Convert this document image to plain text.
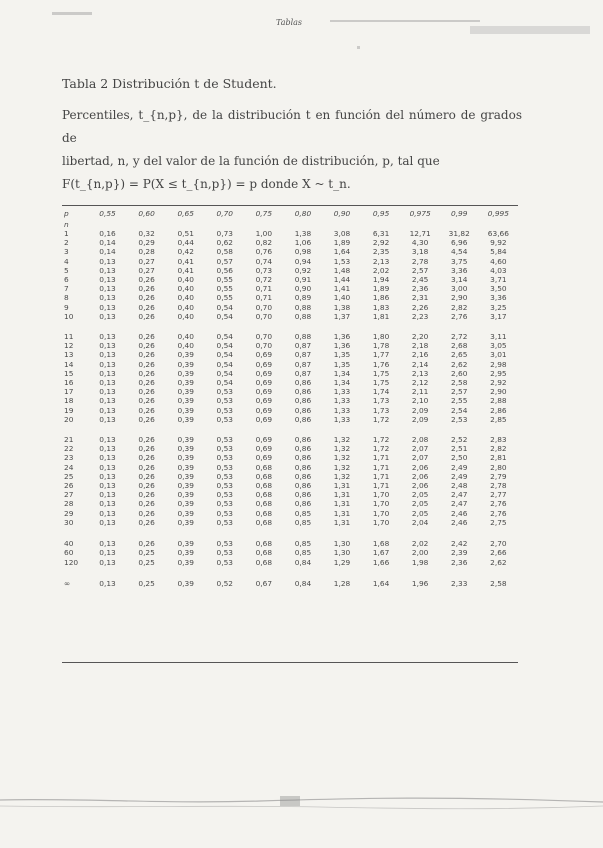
Tablas
Tabla 2 Distribución t de Student.

Percentiles, t_{n,p}, de la distribución t en función del número de grados de

libertad, n, y del valor de la función de distribución, p, tal que

F(t_{n,p}) = P(X ≤ t_{n,p}) = p donde X ~ t_n.

p	0,55	0,60	0,65	0,70	0,75	0,80	0,90	0,95	0,975	0,99	0,995
n											
1	0,16	0,32	0,51	0,73	1,00	1,38	3,08	6,31	12,71	31,82	63,66
2	0,14	0,29	0,44	0,62	0,82	1,06	1,89	2,92	4,30	6,96	9,92
3	0,14	0,28	0,42	0,58	0,76	0,98	1,64	2,35	3,18	4,54	5,84
4	0,13	0,27	0,41	0,57	0,74	0,94	1,53	2,13	2,78	3,75	4,60
5	0,13	0,27	0,41	0,56	0,73	0,92	1,48	2,02	2,57	3,36	4,03
6	0,13	0,26	0,40	0,55	0,72	0,91	1,44	1,94	2,45	3,14	3,71
7	0,13	0,26	0,40	0,55	0,71	0,90	1,41	1,89	2,36	3,00	3,50
8	0,13	0,26	0,40	0,55	0,71	0,89	1,40	1,86	2,31	2,90	3,36
9	0,13	0,26	0,40	0,54	0,70	0,88	1,38	1,83	2,26	2,82	3,25
10	0,13	0,26	0,40	0,54	0,70	0,88	1,37	1,81	2,23	2,76	3,17

11	0,13	0,26	0,40	0,54	0,70	0,88	1,36	1,80	2,20	2,72	3,11
12	0,13	0,26	0,40	0,54	0,70	0,87	1,36	1,78	2,18	2,68	3,05
13	0,13	0,26	0,39	0,54	0,69	0,87	1,35	1,77	2,16	2,65	3,01
14	0,13	0,26	0,39	0,54	0,69	0,87	1,35	1,76	2,14	2,62	2,98
15	0,13	0,26	0,39	0,54	0,69	0,87	1,34	1,75	2,13	2,60	2,95
16	0,13	0,26	0,39	0,54	0,69	0,86	1,34	1,75	2,12	2,58	2,92
17	0,13	0,26	0,39	0,53	0,69	0,86	1,33	1,74	2,11	2,57	2,90
18	0,13	0,26	0,39	0,53	0,69	0,86	1,33	1,73	2,10	2,55	2,88
19	0,13	0,26	0,39	0,53	0,69	0,86	1,33	1,73	2,09	2,54	2,86
20	0,13	0,26	0,39	0,53	0,69	0,86	1,33	1,72	2,09	2,53	2,85

21	0,13	0,26	0,39	0,53	0,69	0,86	1,32	1,72	2,08	2,52	2,83
22	0,13	0,26	0,39	0,53	0,69	0,86	1,32	1,72	2,07	2,51	2,82
23	0,13	0,26	0,39	0,53	0,69	0,86	1,32	1,71	2,07	2,50	2,81
24	0,13	0,26	0,39	0,53	0,68	0,86	1,32	1,71	2,06	2,49	2,80
25	0,13	0,26	0,39	0,53	0,68	0,86	1,32	1,71	2,06	2,49	2,79
26	0,13	0,26	0,39	0,53	0,68	0,86	1,31	1,71	2,06	2,48	2,78
27	0,13	0,26	0,39	0,53	0,68	0,86	1,31	1,70	2,05	2,47	2,77
28	0,13	0,26	0,39	0,53	0,68	0,86	1,31	1,70	2,05	2,47	2,76
29	0,13	0,26	0,39	0,53	0,68	0,85	1,31	1,70	2,05	2,46	2,76
30	0,13	0,26	0,39	0,53	0,68	0,85	1,31	1,70	2,04	2,46	2,75

40	0,13	0,26	0,39	0,53	0,68	0,85	1,30	1,68	2,02	2,42	2,70
60	0,13	0,25	0,39	0,53	0,68	0,85	1,30	1,67	2,00	2,39	2,66
120	0,13	0,25	0,39	0,53	0,68	0,84	1,29	1,66	1,98	2,36	2,62

∞	0,13	0,25	0,39	0,52	0,67	0,84	1,28	1,64	1,96	2,33	2,58
